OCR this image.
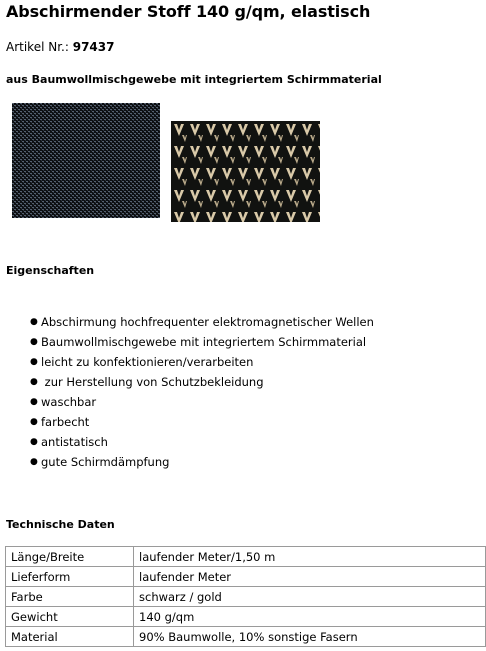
Abschirmender Stoff 140 g/qm, elastisch
Artikel Nr.: 97437
aus Baumwollmischgewebe mit integriertem Schirmmaterial
Eigenschaften
● Abschirmung hochfrequenter elektromagnetischer Wellen
● Baumwollmischgewebe mit integriertem Schirmmaterial
● leicht zu konfektionieren/verarbeiten
● zur Herstellung von Schutzbekleidung
● waschbar
● farbecht
● antistatisch
● gute Schirmdämpfung
Technische Daten
Länge/Breite	laufender Meter/1,50 m
Lieferform	laufender Meter
Farbe	schwarz / gold
Gewicht	140 g/qm
Material	90% Baumwolle, 10% sonstige Fasern
